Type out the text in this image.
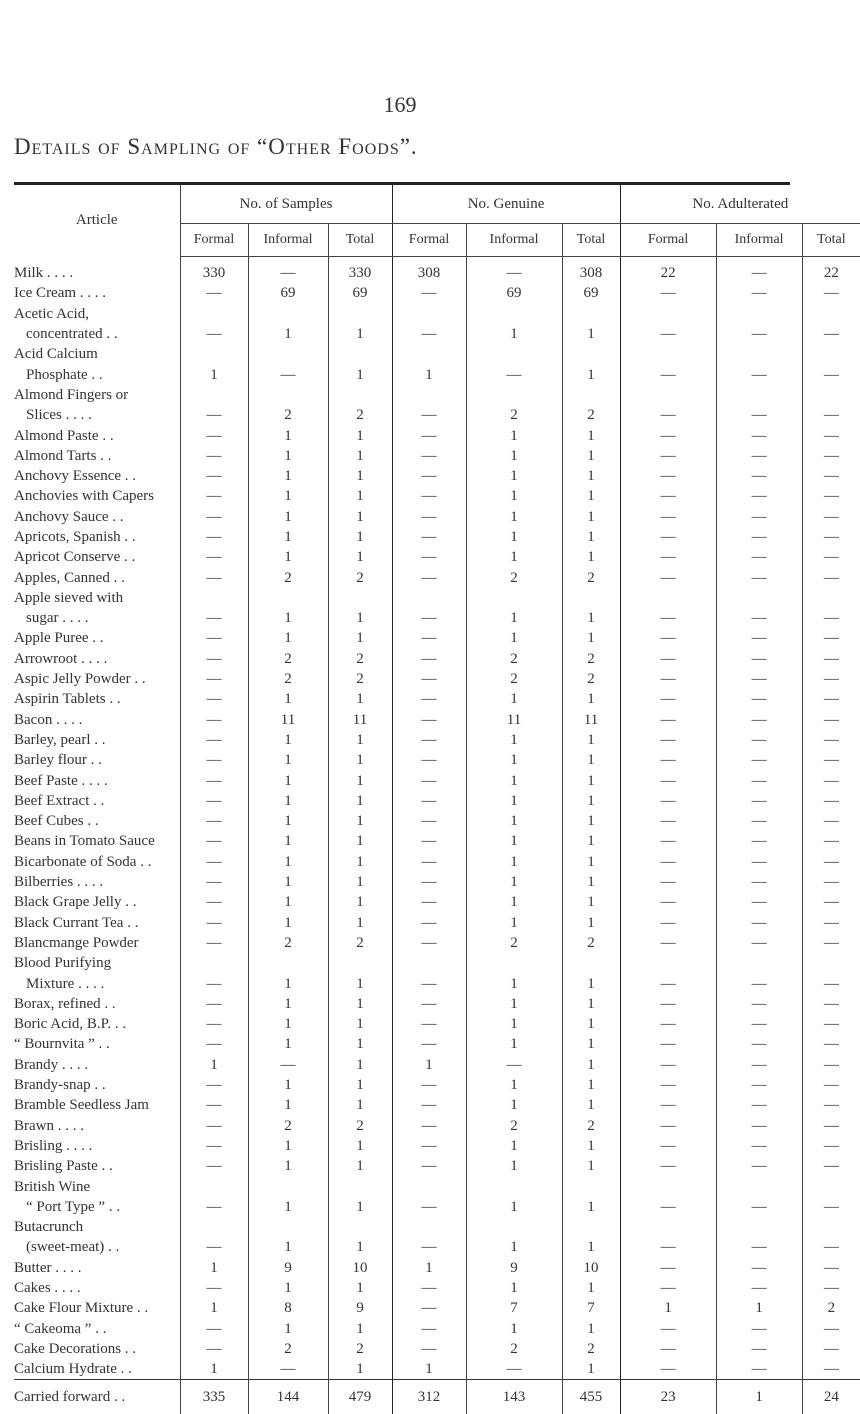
169
Details of Sampling of “Other Foods”.
Article	No. of Samples			No. Genuine			No. Adulterated		
	Formal	Informal	Total	Formal	Informal	Total	Formal	Informal	Total
Milk . . . .	330	—	330	308	—	308	22	—	22
Ice Cream . . . .	—	69	69	—	69	69	—	—	—
Acetic Acid,									
concentrated . .	—	1	1	—	1	1	—	—	—
Acid Calcium									
Phosphate . .	1	—	1	1	—	1	—	—	—
Almond Fingers or									
Slices . . . .	—	2	2	—	2	2	—	—	—
Almond Paste . .	—	1	1	—	1	1	—	—	—
Almond Tarts . .	—	1	1	—	1	1	—	—	—
Anchovy Essence . .	—	1	1	—	1	1	—	—	—
Anchovies with Capers	—	1	1	—	1	1	—	—	—
Anchovy Sauce . .	—	1	1	—	1	1	—	—	—
Apricots, Spanish . .	—	1	1	—	1	1	—	—	—
Apricot Conserve . .	—	1	1	—	1	1	—	—	—
Apples, Canned . .	—	2	2	—	2	2	—	—	—
Apple sieved with									
sugar . . . .	—	1	1	—	1	1	—	—	—
Apple Puree . .	—	1	1	—	1	1	—	—	—
Arrowroot . . . .	—	2	2	—	2	2	—	—	—
Aspic Jelly Powder . .	—	2	2	—	2	2	—	—	—
Aspirin Tablets . .	—	1	1	—	1	1	—	—	—
Bacon . . . .	—	11	11	—	11	11	—	—	—
Barley, pearl . .	—	1	1	—	1	1	—	—	—
Barley flour . .	—	1	1	—	1	1	—	—	—
Beef Paste . . . .	—	1	1	—	1	1	—	—	—
Beef Extract . .	—	1	1	—	1	1	—	—	—
Beef Cubes . .	—	1	1	—	1	1	—	—	—
Beans in Tomato Sauce	—	1	1	—	1	1	—	—	—
Bicarbonate of Soda . .	—	1	1	—	1	1	—	—	—
Bilberries . . . .	—	1	1	—	1	1	—	—	—
Black Grape Jelly . .	—	1	1	—	1	1	—	—	—
Black Currant Tea . .	—	1	1	—	1	1	—	—	—
Blancmange Powder	—	2	2	—	2	2	—	—	—
Blood Purifying									
Mixture . . . .	—	1	1	—	1	1	—	—	—
Borax, refined . .	—	1	1	—	1	1	—	—	—
Boric Acid, B.P. . .	—	1	1	—	1	1	—	—	—
“ Bournvita ” . .	—	1	1	—	1	1	—	—	—
Brandy . . . .	1	—	1	1	—	1	—	—	—
Brandy-snap . .	—	1	1	—	1	1	—	—	—
Bramble Seedless Jam	—	1	1	—	1	1	—	—	—
Brawn . . . .	—	2	2	—	2	2	—	—	—
Brisling . . . .	—	1	1	—	1	1	—	—	—
Brisling Paste . .	—	1	1	—	1	1	—	—	—
British Wine									
“ Port Type ” . .	—	1	1	—	1	1	—	—	—
Butacrunch									
(sweet-meat) . .	—	1	1	—	1	1	—	—	—
Butter . . . .	1	9	10	1	9	10	—	—	—
Cakes . . . .	—	1	1	—	1	1	—	—	—
Cake Flour Mixture . .	1	8	9	—	7	7	1	1	2
“ Cakeoma ” . .	—	1	1	—	1	1	—	—	—
Cake Decorations . .	—	2	2	—	2	2	—	—	—
Calcium Hydrate . .	1	—	1	1	—	1	—	—	—
Carried forward . .	335	144	479	312	143	455	23	1	24
